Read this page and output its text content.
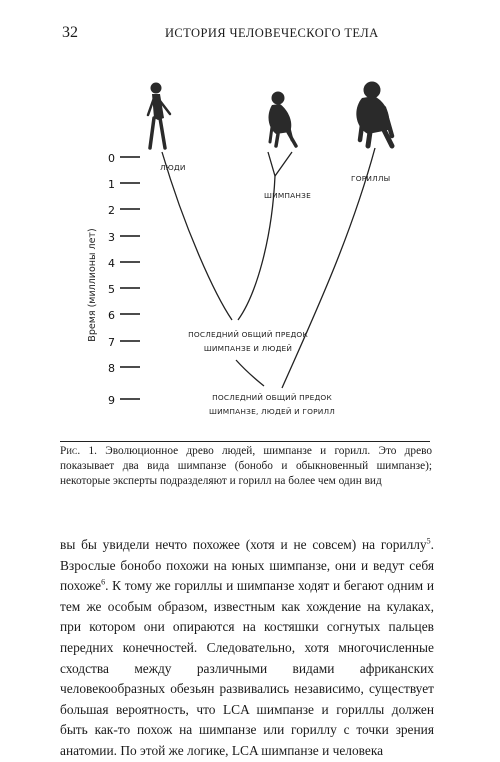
32	ИСТОРИЯ ЧЕЛОВЕЧЕСКОГО ТЕЛА
Время (миллионы лет)
0
1
2
3
4
5
6
7
8
9
ЛЮДИ
ШИМПАНЗЕ
ГОРИЛЛЫ
ПОСЛЕДНИЙ ОБЩИЙ ПРЕДОК
ШИМПАНЗЕ И ЛЮДЕЙ
ПОСЛЕДНИЙ ОБЩИЙ ПРЕДОК
ШИМПАНЗЕ, ЛЮДЕЙ И ГОРИЛЛ
Рис. 1. Эволюционное древо людей, шимпанзе и горилл. Это древо показывает два вида шимпанзе (бонобо и обыкновенный шимпанзе); некоторые эксперты подразделяют и горилл на более чем один вид

вы бы увидели нечто похожее (хотя и не совсем) на гориллу$^5$. Взрослые бонобо похожи на юных шимпанзе, они и ведут себя похоже$^6$. К тому же гориллы и шимпанзе ходят и бегают одним и тем же особым образом, известным как хождение на кулаках, при котором они опираются на костяшки согнутых пальцев передних конечностей. Следовательно, хотя многочисленные сходства между различными видами африканских человекообразных обезьян развивались независимо, существует большая вероятность, что LCA шимпанзе и гориллы должен быть как-то похож на шимпанзе или гориллу с точки зрения анатомии. По этой же логике, LCA шимпанзе и человека
